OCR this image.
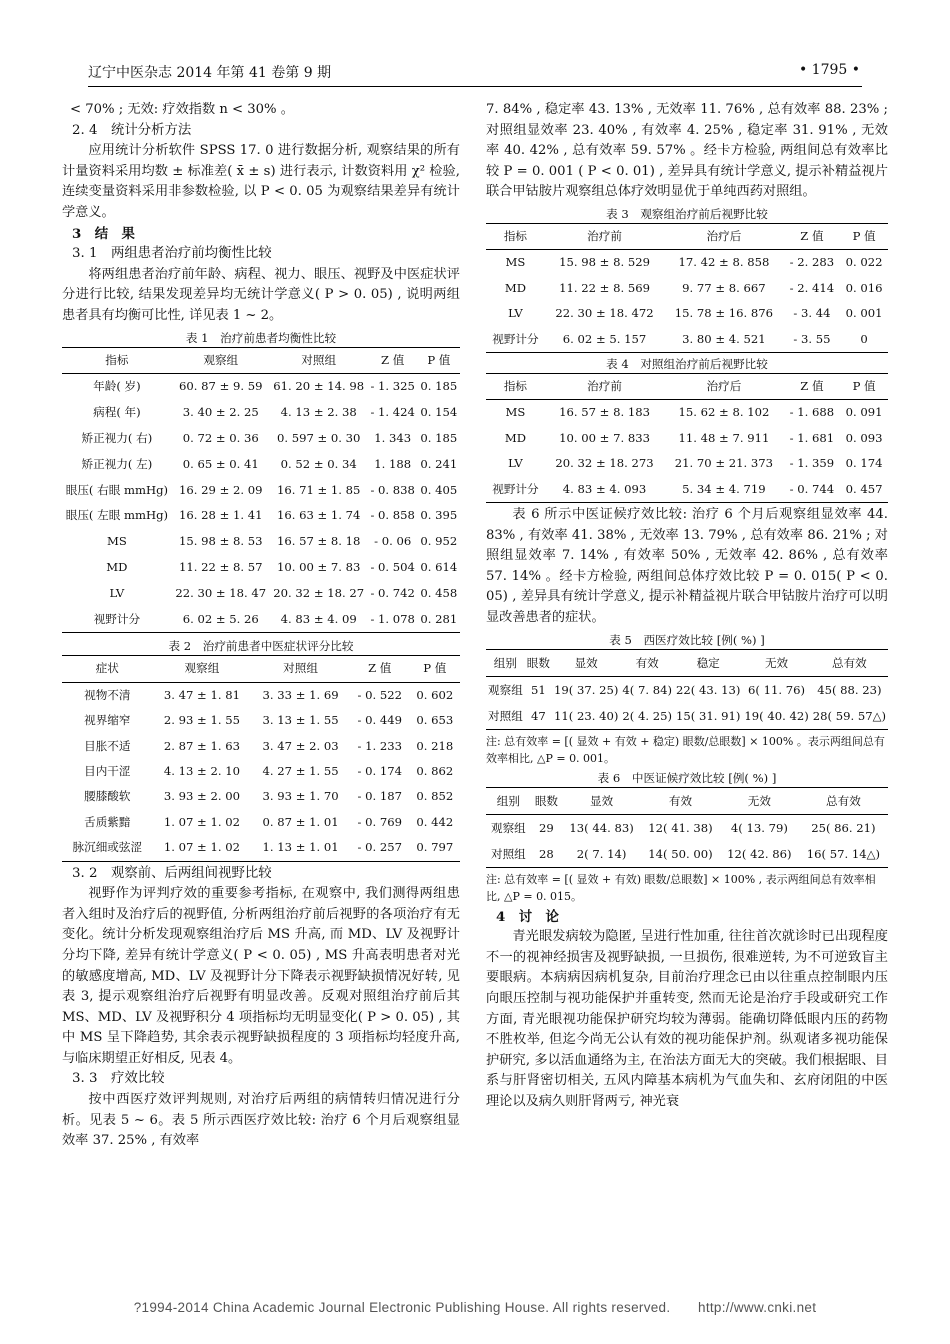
辽宁中医杂志 2014 年第 41 卷第 9 期	• 1795 •

< 70% ; 无效: 疗效指数 n < 30% 。

2. 4　统计分析方法

应用统计分析软件 SPSS 17. 0 进行数据分析, 观察结果的所有计量资料采用均数 ± 标准差( x̄ ± s) 进行表示, 计数资料用 χ² 检验, 连续变量资料采用非参数检验, 以 P < 0. 05 为观察结果差异有统计学意义。

3　结　果
3. 1　两组患者治疗前均衡性比较

将两组患者治疗前年龄、病程、视力、眼压、视野及中医症状评分进行比较, 结果发现差异均无统计学意义( P > 0. 05) , 说明两组患者具有均衡可比性, 详见表 1 ~ 2。

表 1　治疗前患者均衡性比较
指标	观察组	对照组	Z 值	P 值
年龄( 岁)	60. 87 ± 9. 59	61. 20 ± 14. 98	- 1. 325	0. 185
病程( 年)	3. 40 ± 2. 25	4. 13 ± 2. 38	- 1. 424	0. 154
矫正视力( 右)	0. 72 ± 0. 36	0. 597 ± 0. 30	1. 343	0. 185
矫正视力( 左)	0. 65 ± 0. 41	0. 52 ± 0. 34	1. 188	0. 241
眼压( 右眼 mmHg)	16. 29 ± 2. 09	16. 71 ± 1. 85	- 0. 838	0. 405
眼压( 左眼 mmHg)	16. 28 ± 1. 41	16. 63 ± 1. 74	- 0. 858	0. 395
MS	15. 98 ± 8. 53	16. 57 ± 8. 18	- 0. 06	0. 952
MD	11. 22 ± 8. 57	10. 00 ± 7. 83	- 0. 504	0. 614
LV	22. 30 ± 18. 47	20. 32 ± 18. 27	- 0. 742	0. 458
视野计分	6. 02 ± 5. 26	4. 83 ± 4. 09	- 1. 078	0. 281
表 2　治疗前患者中医症状评分比较
症状	观察组	对照组	Z 值	P 值
视物不清	3. 47 ± 1. 81	3. 33 ± 1. 69	- 0. 522	0. 602
视界缩窄	2. 93 ± 1. 55	3. 13 ± 1. 55	- 0. 449	0. 653
目胀不适	2. 87 ± 1. 63	3. 47 ± 2. 03	- 1. 233	0. 218
目内干涩	4. 13 ± 2. 10	4. 27 ± 1. 55	- 0. 174	0. 862
腰膝酸软	3. 93 ± 2. 00	3. 93 ± 1. 70	- 0. 187	0. 852
舌质紫黯	1. 07 ± 1. 02	0. 87 ± 1. 01	- 0. 769	0. 442
脉沉细或弦涩	1. 07 ± 1. 02	1. 13 ± 1. 01	- 0. 257	0. 797
3. 2　观察前、后两组间视野比较

视野作为评判疗效的重要参考指标, 在观察中, 我们测得两组患者入组时及治疗后的视野值, 分析两组治疗前后视野的各项治疗有无变化。统计分析发现观察组治疗后 MS 升高, 而 MD、LV 及视野计分均下降, 差异有统计学意义( P < 0. 05) , MS 升高表明患者对光的敏感度增高, MD、LV 及视野计分下降表示视野缺损情况好转, 见表 3, 提示观察组治疗后视野有明显改善。反观对照组治疗前后其 MS、MD、LV 及视野积分 4 项指标均无明显变化( P > 0. 05) , 其中 MS 呈下降趋势, 其余表示视野缺损程度的 3 项指标均轻度升高, 与临床期望正好相反, 见表 4。

3. 3　疗效比较

按中西医疗效评判规则, 对治疗后两组的病情转归情况进行分析。见表 5 ~ 6。表 5 所示西医疗效比较: 治疗 6 个月后观察组显效率 37. 25% , 有效率

7. 84% , 稳定率 43. 13% , 无效率 11. 76% , 总有效率 88. 23% ; 对照组显效率 23. 40% , 有效率 4. 25% , 稳定率 31. 91% , 无效率 40. 42% , 总有效率 59. 57% 。经卡方检验, 两组间总有效率比较 P = 0. 001 ( P < 0. 01) , 差异具有统计学意义, 提示补精益视片联合甲钴胺片观察组总体疗效明显优于单纯西药对照组。

表 3　观察组治疗前后视野比较
指标	治疗前	治疗后	Z 值	P 值
MS	15. 98 ± 8. 529	17. 42 ± 8. 858	- 2. 283	0. 022
MD	11. 22 ± 8. 569	9. 77 ± 8. 667	- 2. 414	0. 016
LV	22. 30 ± 18. 472	15. 78 ± 16. 876	- 3. 44	0. 001
视野计分	6. 02 ± 5. 157	3. 80 ± 4. 521	- 3. 55	0
表 4　对照组治疗前后视野比较
指标	治疗前	治疗后	Z 值	P 值
MS	16. 57 ± 8. 183	15. 62 ± 8. 102	- 1. 688	0. 091
MD	10. 00 ± 7. 833	11. 48 ± 7. 911	- 1. 681	0. 093
LV	20. 32 ± 18. 273	21. 70 ± 21. 373	- 1. 359	0. 174
视野计分	4. 83 ± 4. 093	5. 34 ± 4. 719	- 0. 744	0. 457

表 6 所示中医证候疗效比较: 治疗 6 个月后观察组显效率 44. 83% , 有效率 41. 38% , 无效率 13. 79% , 总有效率 86. 21% ; 对照组显效率 7. 14% , 有效率 50% , 无效率 42. 86% , 总有效率 57. 14% 。经卡方检验, 两组间总体疗效比较 P = 0. 015( P < 0. 05) , 差异具有统计学意义, 提示补精益视片联合甲钴胺片治疗可以明显改善患者的症状。

表 5　西医疗效比较 [例( %) ]
组别	眼数	显效	有效	稳定	无效	总有效
观察组	51	19( 37. 25)	4( 7. 84)	22( 43. 13)	6( 11. 76)	45( 88. 23)
对照组	47	11( 23. 40)	2( 4. 25)	15( 31. 91)	19( 40. 42)	28( 59. 57△)
注: 总有效率 = [( 显效 + 有效 + 稳定) 眼数/总眼数] × 100% 。表示两组间总有效率相比, △P = 0. 001。
表 6　中医证候疗效比较 [例( %) ]
组别	眼数	显效	有效	无效	总有效
观察组	29	13( 44. 83)	12( 41. 38)	4( 13. 79)	25( 86. 21)
对照组	28	2( 7. 14)	14( 50. 00)	12( 42. 86)	16( 57. 14△)
注: 总有效率 = [( 显效 + 有效) 眼数/总眼数] × 100% , 表示两组间总有效率相比, △P = 0. 015。
4　讨　论

青光眼发病较为隐匿, 呈进行性加重, 往往首次就诊时已出现程度不一的视神经损害及视野缺损, 一旦损伤, 很难逆转, 为不可逆致盲主要眼病。本病病因病机复杂, 目前治疗理念已由以往重点控制眼内压向眼压控制与视功能保护并重转变, 然而无论是治疗手段或研究工作方面, 青光眼视功能保护研究均较为薄弱。能确切降低眼内压的药物不胜枚举, 但迄今尚无公认有效的视功能保护剂。纵观诸多视功能保护研究, 多以活血通络为主, 在治法方面无大的突破。我们根据眼、目系与肝肾密切相关, 五风内障基本病机为气血失和、玄府闭阻的中医理论以及病久则肝肾两亏, 神光衰

?1994-2014 China Academic Journal Electronic Publishing House. All rights reserved.　　http://www.cnki.net
